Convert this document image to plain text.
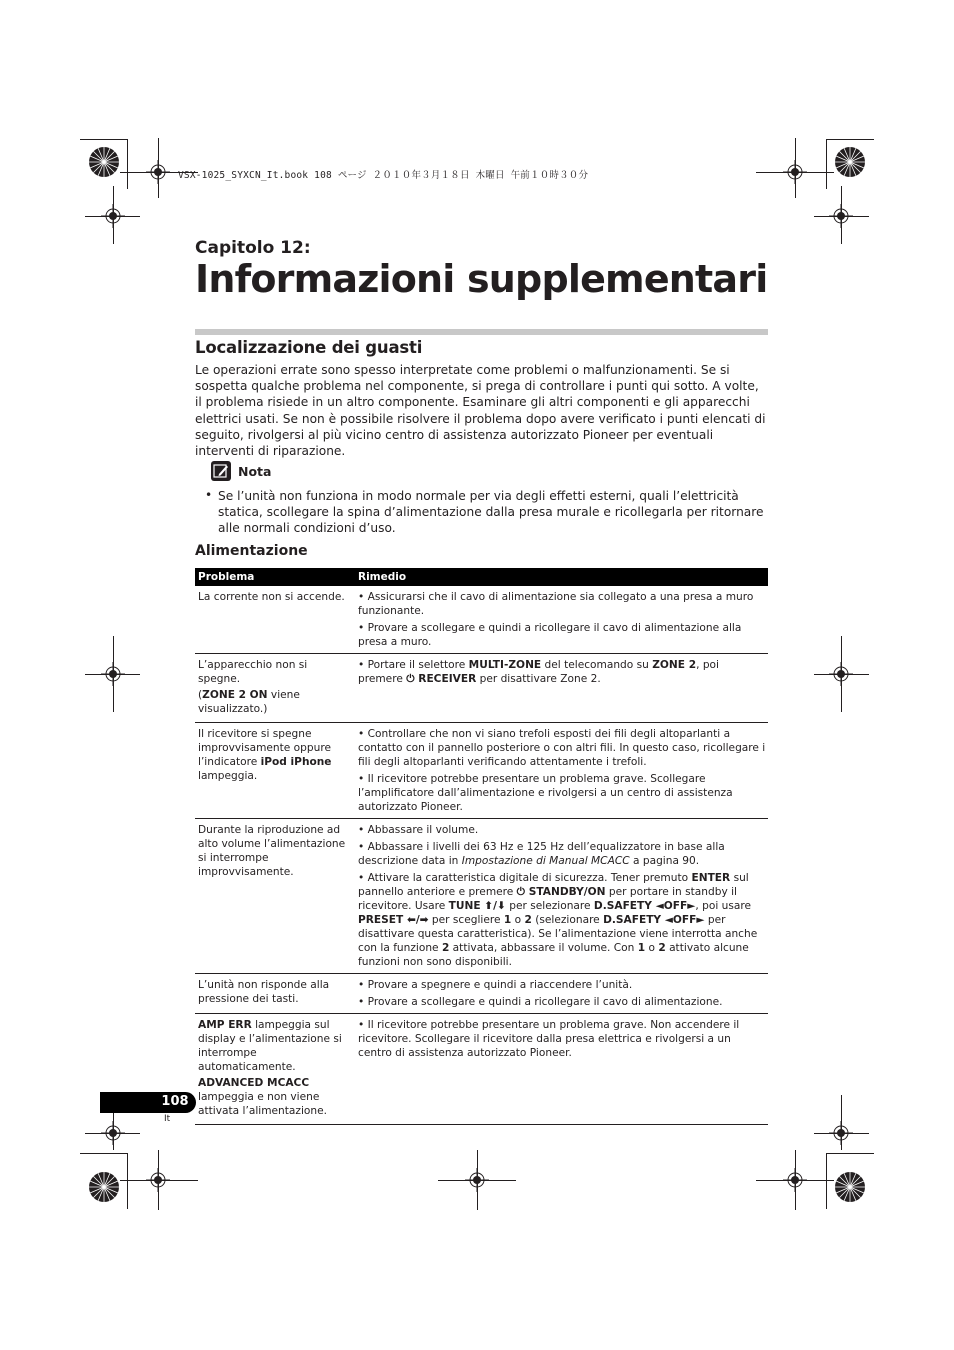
VSX-1025_SYXCN_It.book 108 ページ ２０１０年３月１８日 木曜日 午前１０時３０分
Capitolo 12:
Informazioni supplementari
Localizzazione dei guasti

Le operazioni errate sono spesso interpretate come problemi o malfunzionamenti. Se si sospetta qualche problema nel componente, si prega di controllare i punti qui sotto. A volte, il problema risiede in un altro componente. Esaminare gli altri componenti e gli apparecchi elettrici usati. Se non è possibile risolvere il problema dopo avere verificato i punti elencati di seguito, rivolgersi al più vicino centro di assistenza autorizzato Pioneer per eventuali interventi di riparazione.

Nota
• Se l’unità non funziona in modo normale per via degli effetti esterni, quali l’elettricità statica, scollegare la spina d’alimentazione dalla presa murale e ricollegarla per ritornare alle normali condizioni d’uso.

Alimentazione
Problema	Rimedio

La corrente non si accende.	• Assicurarsi che il cavo di alimentazione sia collegato a una presa a muro funzionante.

• Provare a scollegare e quindi a ricollegare il cavo di alimentazione alla presa a muro.

L’apparecchio non si spegne.

(ZONE 2 ON viene visualizzato.)

• Portare il selettore MULTI-ZONE del telecomando su ZONE 2, poi premere ⏻ RECEIVER per disattivare Zone 2.

Il ricevitore si spegne improvvisamente oppure l’indicatore iPod iPhone lampeggia.

• Controllare che non vi siano trefoli esposti dei fili degli altoparlanti a contatto con il pannello posteriore o con altri fili. In questo caso, ricollegare i fili degli altoparlanti verificando attentamente i trefoli.

• Il ricevitore potrebbe presentare un problema grave. Scollegare l’amplificatore dall’alimentazione e rivolgersi a un centro di assistenza autorizzato Pioneer.

Durante la riproduzione ad alto volume l’alimentazione si interrompe improvvisamente.

• Abbassare il volume.

• Abbassare i livelli dei 63 Hz e 125 Hz dell’equalizzatore in base alla descrizione data in Impostazione di Manual MCACC a pagina 90.

• Attivare la caratteristica digitale di sicurezza. Tener premuto ENTER sul pannello anteriore e premere ⏻ STANDBY/ON per portare in standby il ricevitore. Usare TUNE ⬆/⬇ per selezionare D.SAFETY ◄OFF►, poi usare PRESET ⬅/➡ per scegliere 1 o 2 (selezionare D.SAFETY ◄OFF► per disattivare questa caratteristica). Se l’alimentazione viene interrotta anche con la funzione 2 attivata, abbassare il volume. Con 1 o 2 attivato alcune funzioni non sono disponibili.

L’unità non risponde alla pressione dei tasti.

• Provare a spegnere e quindi a riaccendere l’unità.

• Provare a scollegare e quindi a ricollegare il cavo di alimentazione.

AMP ERR lampeggia sul display e l’alimentazione si interrompe automaticamente.

ADVANCED MCACC lampeggia e non viene attivata l’alimentazione.

• Il ricevitore potrebbe presentare un problema grave. Non accendere il ricevitore. Scollegare il ricevitore dalla presa elettrica e rivolgersi a un centro di assistenza autorizzato Pioneer.

108
It
